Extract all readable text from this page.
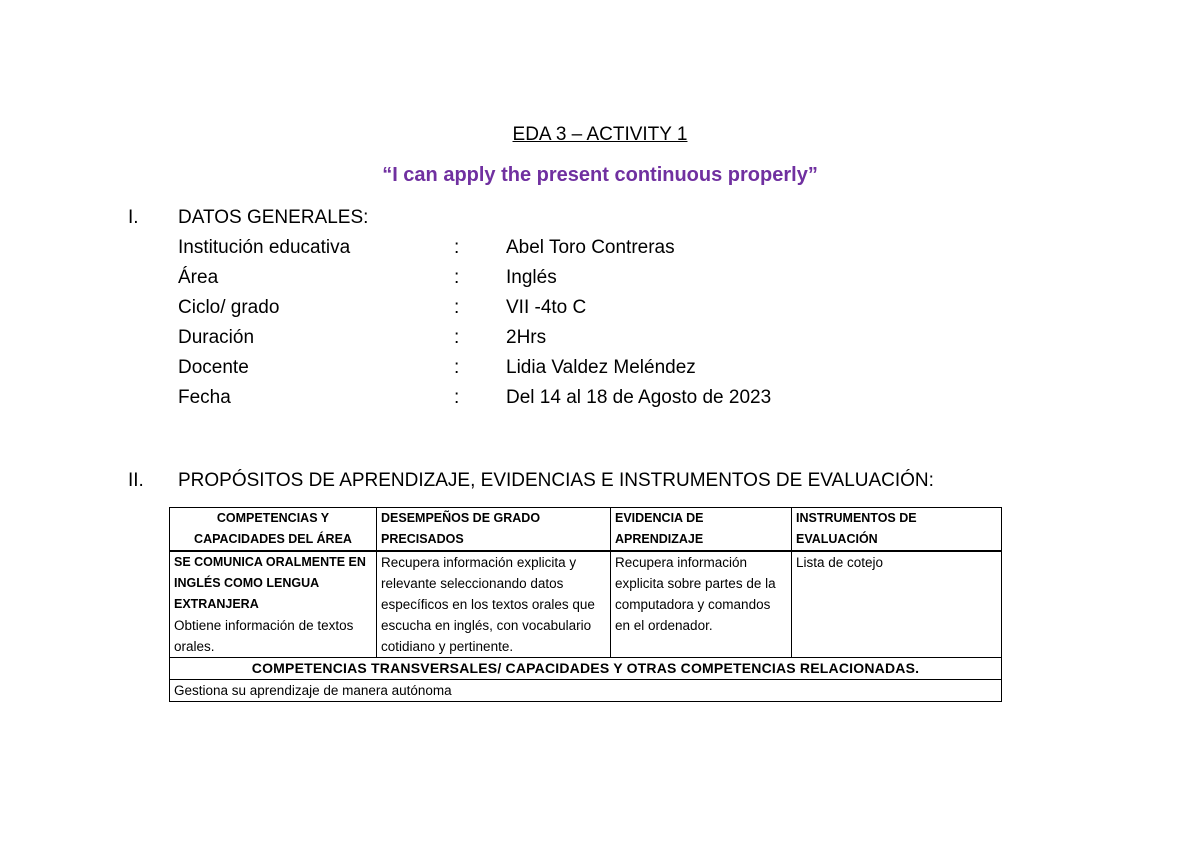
EDA 3 – ACTIVITY 1
“I can apply the present continuous properly”
I. DATOS GENERALES:
Institución educativa	: Abel Toro Contreras
Área	: Inglés
Ciclo/ grado	: VII -4to C
Duración	: 2Hrs
Docente	: Lidia Valdez Meléndez
Fecha	: Del 14 al 18 de Agosto de 2023
II. PROPÓSITOS DE APRENDIZAJE, EVIDENCIAS E INSTRUMENTOS DE EVALUACIÓN:
COMPETENCIAS Y CAPACIDADES DEL ÁREA	DESEMPEÑOS DE GRADO PRECISADOS	EVIDENCIA DE APRENDIZAJE	INSTRUMENTOS DE EVALUACIÓN

SE COMUNICA ORALMENTE EN INGLÉS COMO LENGUA EXTRANJERA
Obtiene información de textos orales.	Recupera información explicita y relevante seleccionando datos específicos en los textos orales que escucha en inglés, con vocabulario cotidiano y pertinente.	Recupera información explicita sobre partes de la computadora y comandos en el ordenador.	Lista de cotejo
COMPETENCIAS TRANSVERSALES/ CAPACIDADES Y OTRAS COMPETENCIAS RELACIONADAS.			
Gestiona su aprendizaje de manera autónoma			
